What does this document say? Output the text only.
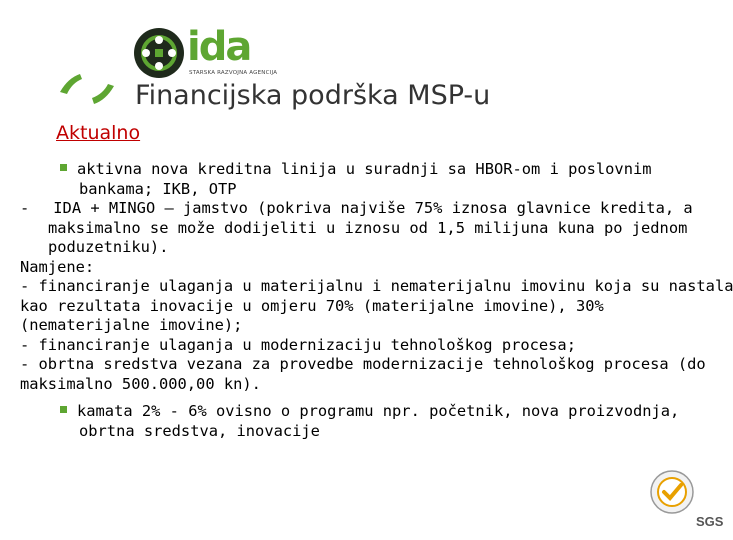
ida
STARSKA RAZVOJNA AGENCIJA
Financijska podrška MSP-u
Aktualno
aktivna nova kreditna linija u suradnji sa HBOR-om i poslovnim
bankama; IKB, OTP
- IDA + MINGO – jamstvo (pokriva najviše 75% iznosa glavnice kredita, a
maksimalno se može dodijeliti u iznosu od 1,5 milijuna kuna po jednom
poduzetniku).
Namjene:
- financiranje ulaganja u materijalnu i nematerijalnu imovinu koja su nastala
kao rezultata inovacije u omjeru 70% (materijalne imovine), 30%
(nematerijalne imovine);
- financiranje ulaganja u modernizaciju tehnološkog procesa;
- obrtna sredstva vezana za provedbe modernizacije tehnološkog procesa (do
maksimalno 500.000,00 kn).
kamata 2% - 6% ovisno o programu npr. početnik, nova proizvodnja,
obrtna sredstva, inovacije
SGS
